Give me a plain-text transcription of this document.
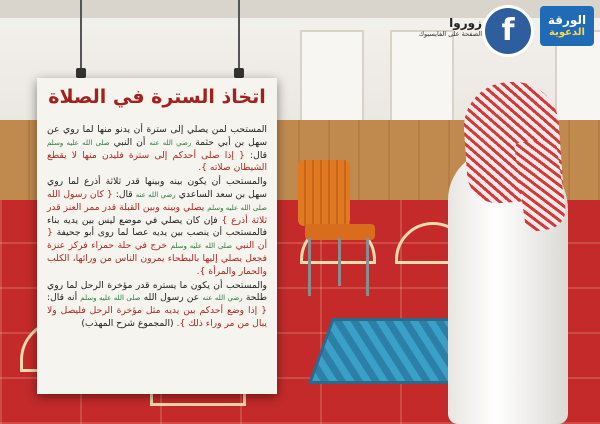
اتخاذ السترة في الصلاة

المستحب لمن يصلي إلى سترة أن يدنو منها لما روي عن سهل بن أبي حثمة رضي الله عنه أن النبي صلى الله عليه وسلم قال: { إذا صلى أحدكم إلى سترة فليدن منها لا يقطع الشيطان صلاته }.

والمستحب أن يكون بينه وبينها قدر ثلاثة أذرع لما روي سهل بن سعد الساعدي رضي الله عنه قال: { كان رسول الله صلى الله عليه وسلم يصلي وبينه وبين القبلة قدر ممر العنز قدر ثلاثة أذرع } فإن كان يصلي في موضع ليس بين يديه بناء فالمستحب أن ينصب بين يديه عصا لما روى أبو جحيفة { أن النبي صلى الله عليه وسلم خرج في حلة حمراء فركز عنزة فجعل يصلي إليها بالبطحاء يمرون الناس من ورائها، الكلب والحمار والمرأة }.

والمستحب أن يكون ما يستره قدر مؤخرة الرحل لما روي طلحة رضي الله عنه عن رسول الله صلى الله عليه وسلم أنه قال: { إذا وضع أحدكم بين يديه مثل مؤخرة الرحل فليصل ولا يبال من مر وراء ذلك }. (المجموع شرح المهذب)

زوروا
الصفحة على الفايسبوك f	الورقة
الدعوية
